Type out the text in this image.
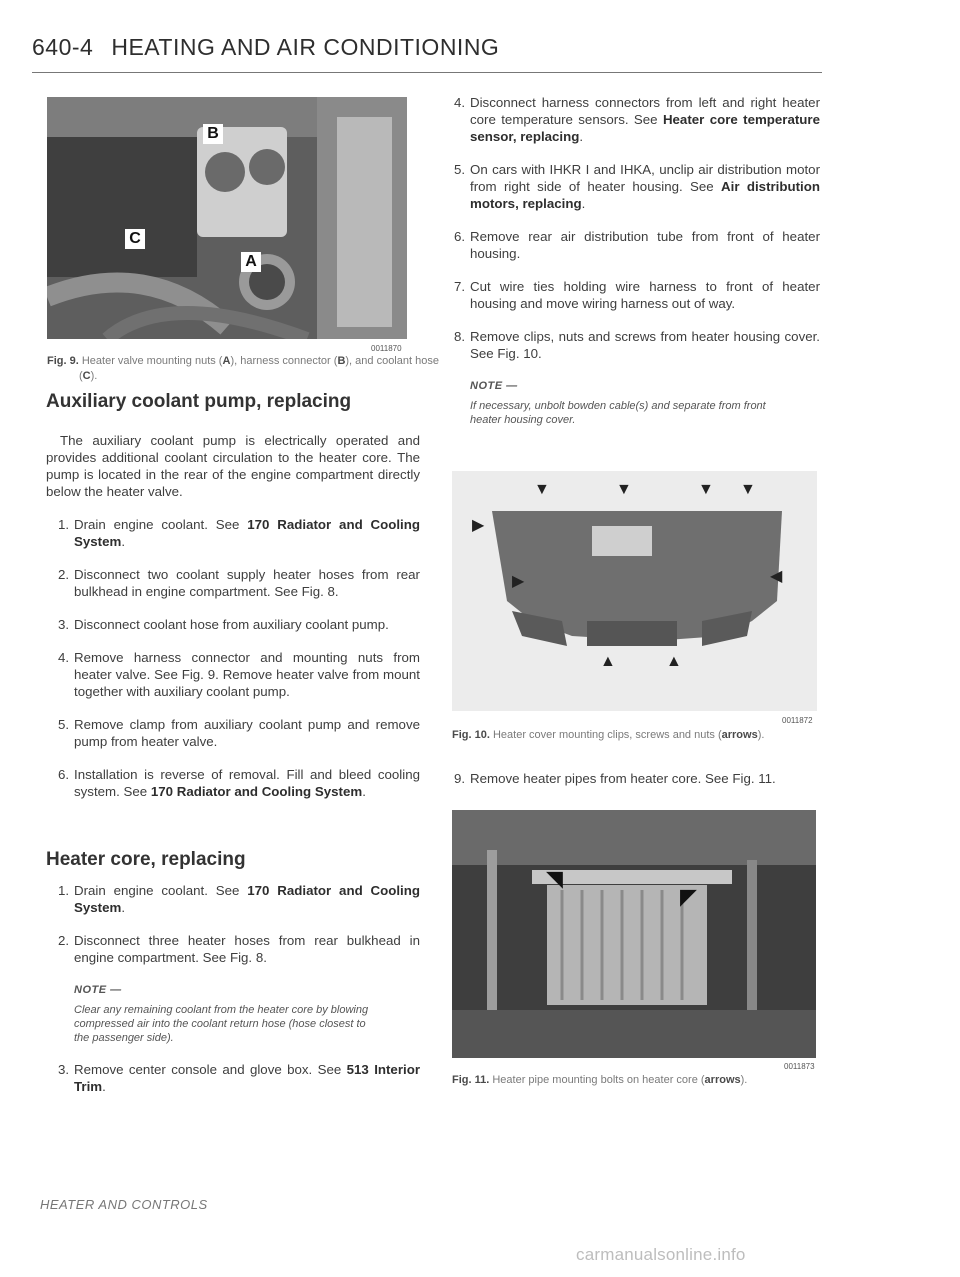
640-4 HEATING AND AIR CONDITIONING
B
C
A
0011870
Fig. 9. Heater valve mounting nuts (A), harness connector (B), and coolant hose (C).
Auxiliary coolant pump, replacing

The auxiliary coolant pump is electrically operated and provides additional coolant circulation to the heater core. The pump is located in the rear of the engine compartment directly below the heater valve.

1. Drain engine coolant. See 170 Radiator and Cooling System.
2. Disconnect two coolant supply heater hoses from rear bulkhead in engine compartment. See Fig. 8.
3. Disconnect coolant hose from auxiliary coolant pump.
4. Remove harness connector and mounting nuts from heater valve. See Fig. 9. Remove heater valve from mount together with auxiliary coolant pump.
5. Remove clamp from auxiliary coolant pump and remove pump from heater valve.
6. Installation is reverse of removal. Fill and bleed cooling system. See 170 Radiator and Cooling System.
Heater core, replacing
1. Drain engine coolant. See 170 Radiator and Cooling System.
2. Disconnect three heater hoses from rear bulkhead in engine compartment. See Fig. 8.
NOTE —
Clear any remaining coolant from the heater core by blowing compressed air into the coolant return hose (hose closest to the passenger side).
3. Remove center console and glove box. See 513 Interior Trim.
4. Disconnect harness connectors from left and right heater core temperature sensors. See Heater core temperature sensor, replacing.
5. On cars with IHKR I and IHKA, unclip air distribution motor from right side of heater housing. See Air distribution motors, replacing.
6. Remove rear air distribution tube from front of heater housing.
7. Cut wire ties holding wire harness to front of heater housing and move wiring harness out of way.
8. Remove clips, nuts and screws from heater housing cover. See Fig. 10.
NOTE —
If necessary, unbolt bowden cable(s) and separate from front heater housing cover.
▼	▼	▼ ▼
▶
◀
▶
▲	▲
0011872
Fig. 10. Heater cover mounting clips, screws and nuts (arrows).
9. Remove heater pipes from heater core. See Fig. 11.
◥
◤
0011873
Fig. 11. Heater pipe mounting bolts on heater core (arrows).
HEATER AND CONTROLS
carmanualsonline.info
